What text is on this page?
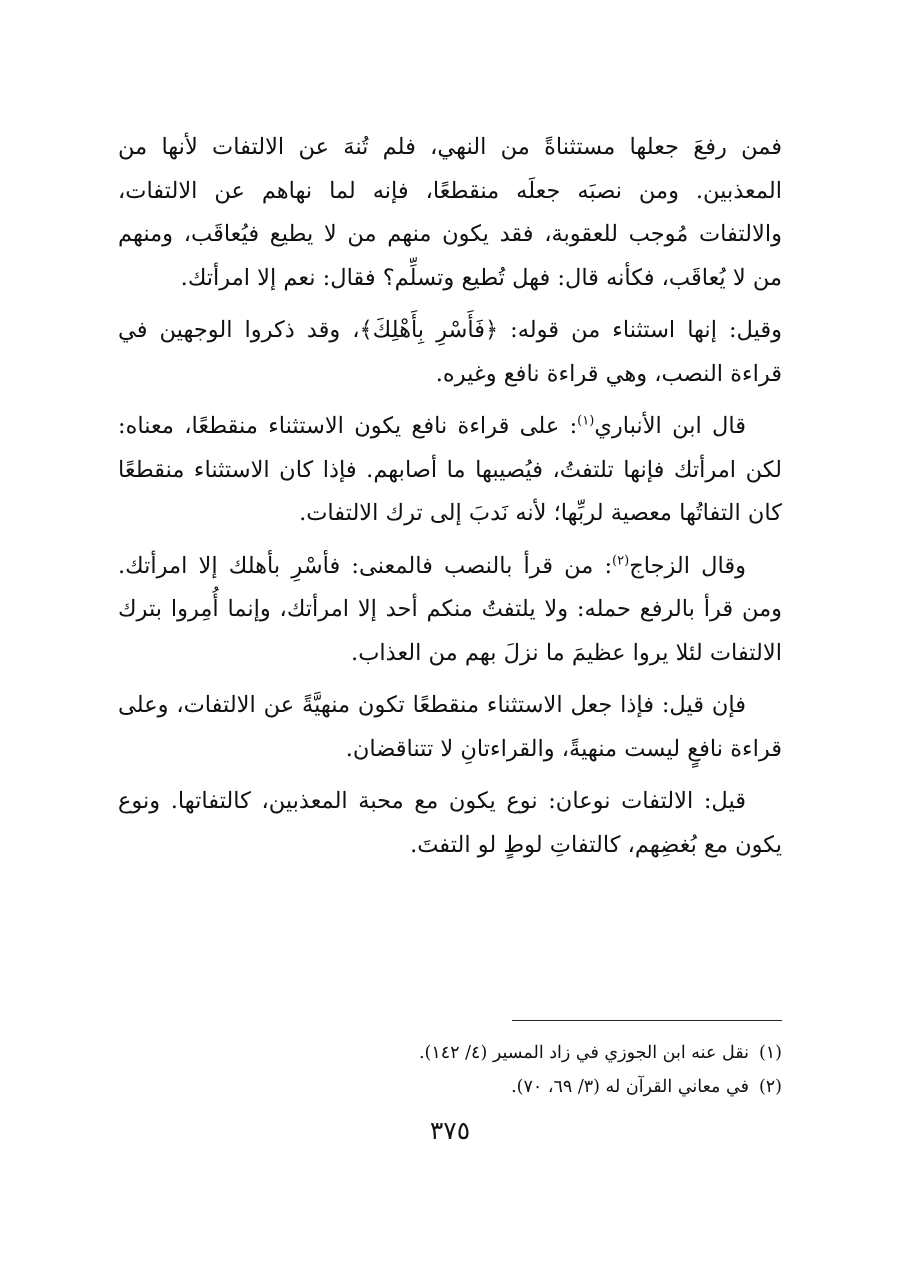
فمن رفعَ جعلها مستثناةً من النهي، فلم تُنهَ عن الالتفات لأنها من المعذبين. ومن نصبَه جعلَه منقطعًا، فإنه لما نهاهم عن الالتفات، والالتفات مُوجب للعقوبة، فقد يكون منهم من لا يطيع فيُعاقَب، ومنهم من لا يُعاقَب، فكأنه قال: فهل تُطيع وتسلِّم؟ فقال: نعم إلا امرأتك.

وقيل: إنها استثناء من قوله: ﴿فَأَسْرِ بِأَهْلِكَ﴾، وقد ذكروا الوجهين في قراءة النصب، وهي قراءة نافع وغيره.

قال ابن الأنباري$^{(١)}$: على قراءة نافع يكون الاستثناء منقطعًا، معناه: لكن امرأتك فإنها تلتفتُ، فيُصيبها ما أصابهم. فإذا كان الاستثناء منقطعًا كان التفاتُها معصية لربِّها؛ لأنه نَدبَ إلى ترك الالتفات.

وقال الزجاج$^{(٢)}$: من قرأ بالنصب فالمعنى: فأسْرِ بأهلك إلا امرأتك. ومن قرأ بالرفع حمله: ولا يلتفتُ منكم أحد إلا امرأتك، وإنما أُمِروا بترك الالتفات لئلا يروا عظيمَ ما نزلَ بهم من العذاب.

فإن قيل: فإذا جعل الاستثناء منقطعًا تكون منهيَّةً عن الالتفات، وعلى قراءة نافعٍ ليست منهيةً، والقراءتانِ لا تتناقضان.

قيل: الالتفات نوعان: نوع يكون مع محبة المعذبين، كالتفاتها. ونوع يكون مع بُغضِهم، كالتفاتِ لوطٍ لو التفتَ.

(١)نقل عنه ابن الجوزي في زاد المسير (٤/ ١٤٢).
(٢)في معاني القرآن له (٣/ ٦٩، ٧٠).
٣٧٥
